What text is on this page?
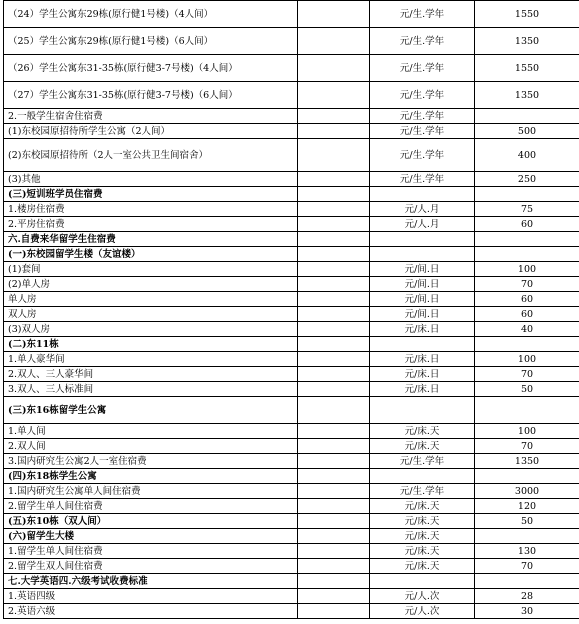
（24）学生公寓东29栋(原行健1号楼)（4人间）		元/生.学年	1550
（25）学生公寓东29栋(原行健1号楼)（6人间）		元/生.学年	1350
（26）学生公寓东31-35栋(原行健3-7号楼)（4人间）		元/生.学年	1550
（27）学生公寓东31-35栋(原行健3-7号楼)（6人间）		元/生.学年	1350
2.一般学生宿舍住宿费		元/生.学年	
(1)东校园原招待所学生公寓（2人间）		元/生.学年	500
(2)东校园原招待所（2人一室公共卫生间宿舍）		元/生.学年	400
(3)其他		元/生.学年	250
(三)短训班学员住宿费			
1.楼房住宿费		元/人.月	75
2.平房住宿费		元/人.月	60
六.自费来华留学生住宿费			
(一)东校园留学生楼（友谊楼）			
(1)套间		元/间.日	100
(2)单人房		元/间.日	70
单人房		元/间.日	60
双人房		元/间.日	60
(3)双人房		元/床.日	40
(二)东11栋			
1.单人豪华间		元/床.日	100
2.双人、三人豪华间		元/床.日	70
3.双人、三人标准间		元/床.日	50
(三)东16栋留学生公寓			
1.单人间		元/床.天	100
2.双人间		元/床.天	70
3.国内研究生公寓2人一室住宿费		元/生.学年	1350
(四)东18栋学生公寓			
1.国内研究生公寓单人间住宿费		元/生.学年	3000
2.留学生单人间住宿费		元/床.天	120
(五)东10栋（双人间）		元/床.天	50
(六)留学生大楼		元/床.天	
1.留学生单人间住宿费		元/床.天	130
2.留学生双人间住宿费		元/床.天	70
七.大学英语四.六级考试收费标准			
1.英语四级		元/人.次	28
2.英语六级		元/人.次	30
